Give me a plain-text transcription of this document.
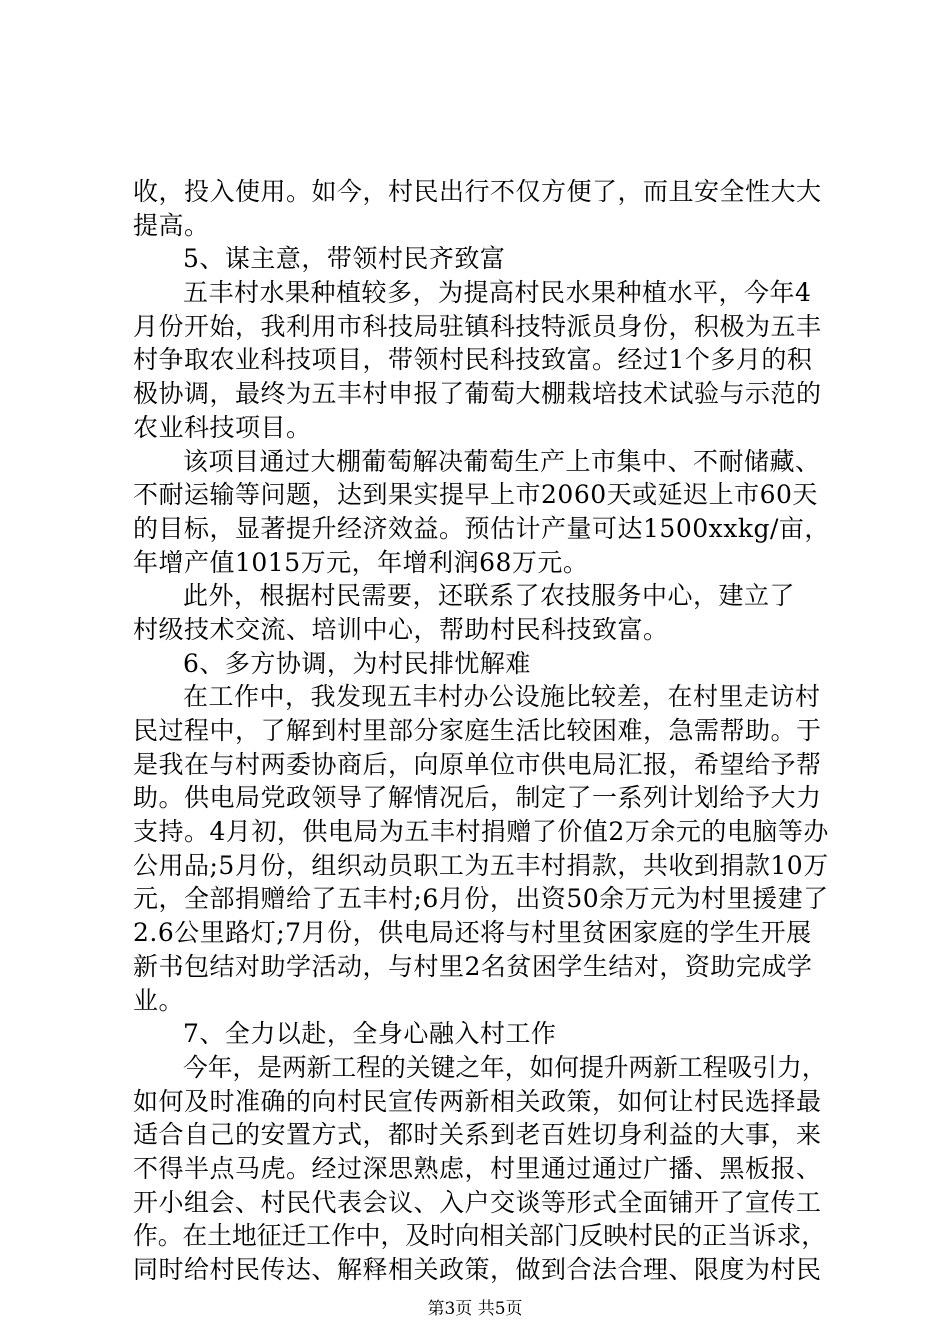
收，投入使用。如今，村民出行不仅方便了，而且安全性大大
提高。
5、谋主意，带领村民齐致富
五丰村水果种植较多，为提高村民水果种植水平，今年4
月份开始，我利用市科技局驻镇科技特派员身份，积极为五丰
村争取农业科技项目，带领村民科技致富。经过1个多月的积
极协调，最终为五丰村申报了葡萄大棚栽培技术试验与示范的
农业科技项目。
该项目通过大棚葡萄解决葡萄生产上市集中、不耐储藏、
不耐运输等问题，达到果实提早上市2060天或延迟上市60天
的目标，显著提升经济效益。预估计产量可达1500xxkg/亩，
年增产值1015万元，年增利润68万元。
此外，根据村民需要，还联系了农技服务中心，建立了
村级技术交流、培训中心，帮助村民科技致富。
6、多方协调，为村民排忧解难
在工作中，我发现五丰村办公设施比较差，在村里走访村
民过程中，了解到村里部分家庭生活比较困难，急需帮助。于
是我在与村两委协商后，向原单位市供电局汇报，希望给予帮
助。供电局党政领导了解情况后，制定了一系列计划给予大力
支持。4月初，供电局为五丰村捐赠了价值2万余元的电脑等办
公用品;5月份，组织动员职工为五丰村捐款，共收到捐款10万
元，全部捐赠给了五丰村;6月份，出资50余万元为村里援建了
2.6公里路灯;7月份，供电局还将与村里贫困家庭的学生开展
新书包结对助学活动，与村里2名贫困学生结对，资助完成学
业。
7、全力以赴，全身心融入村工作
今年，是两新工程的关键之年，如何提升两新工程吸引力，
如何及时准确的向村民宣传两新相关政策，如何让村民选择最
适合自己的安置方式，都时关系到老百姓切身利益的大事，来
不得半点马虎。经过深思熟虑，村里通过通过广播、黑板报、
开小组会、村民代表会议、入户交谈等形式全面铺开了宣传工
作。在土地征迁工作中，及时向相关部门反映村民的正当诉求，
同时给村民传达、解释相关政策，做到合法合理、限度为村民
第3页 共5页
